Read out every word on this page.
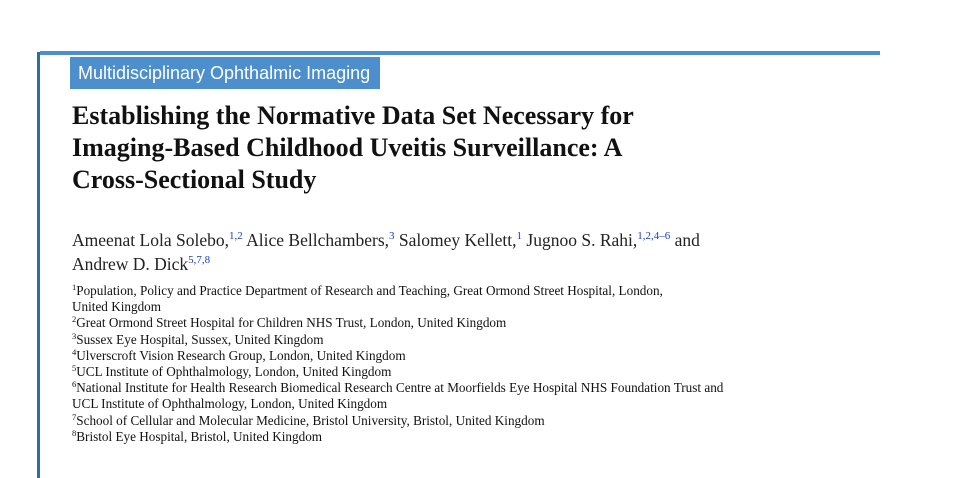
Multidisciplinary Ophthalmic Imaging
Establishing the Normative Data Set Necessary for
Imaging-Based Childhood Uveitis Surveillance: A
Cross-Sectional Study
Ameenat Lola Solebo,$^{1,2}$ Alice Bellchambers,$^3$ Salomey Kellett,$^1$ Jugnoo S. Rahi,$^{1,2,4-6}$ and
Andrew D. Dick$^{5,7,8}$
$^1$Population, Policy and Practice Department of Research and Teaching, Great Ormond Street Hospital, London,
United Kingdom
$^2$Great Ormond Street Hospital for Children NHS Trust, London, United Kingdom
$^3$Sussex Eye Hospital, Sussex, United Kingdom
$^4$Ulverscroft Vision Research Group, London, United Kingdom
$^5$UCL Institute of Ophthalmology, London, United Kingdom
$^6$National Institute for Health Research Biomedical Research Centre at Moorfields Eye Hospital NHS Foundation Trust and
UCL Institute of Ophthalmology, London, United Kingdom
$^7$School of Cellular and Molecular Medicine, Bristol University, Bristol, United Kingdom
$^8$Bristol Eye Hospital, Bristol, United Kingdom
